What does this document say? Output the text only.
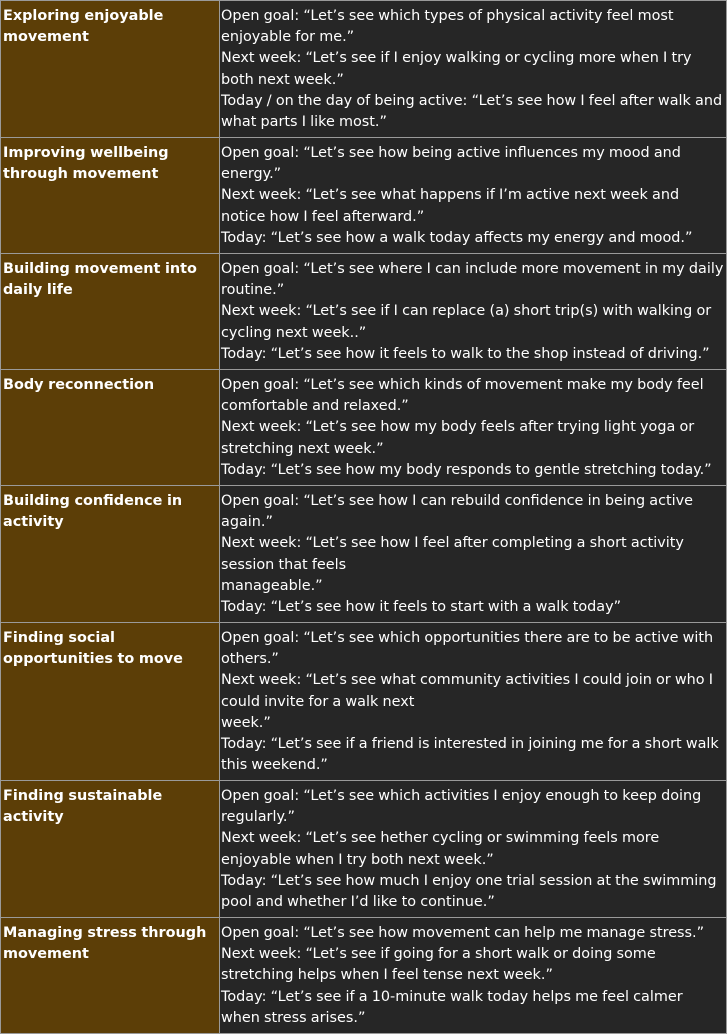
Exploring enjoyable movement	Open goal: “Let’s see which types of physical activity feel most enjoyable for me.”
Next week: “Let’s see if I enjoy walking or cycling more when I try both next week.”
Today / on the day of being active: “Let’s see how I feel after walk and what parts I like most.”

Improving wellbeing through movement	Open goal: “Let’s see how being active influences my mood and energy.”
Next week: “Let’s see what happens if I’m active next week and notice how I feel afterward.”
Today: “Let’s see how a walk today affects my energy and mood.”

Building movement into daily life	Open goal: “Let’s see where I can include more movement in my daily routine.”
Next week: “Let’s see if I can replace (a) short trip(s) with walking or cycling next week..”
Today: “Let’s see how it feels to walk to the shop instead of driving.”

Body reconnection	Open goal: “Let’s see which kinds of movement make my body feel comfortable and relaxed.”
Next week: “Let’s see how my body feels after trying light yoga or stretching next week.”
Today: “Let’s see how my body responds to gentle stretching today.”

Building confidence in activity	Open goal: “Let’s see how I can rebuild confidence in being active again.”
Next week: “Let’s see how I feel after completing a short activity session that feels
manageable.”
Today: “Let’s see how it feels to start with a walk today”

Finding social opportunities to move	Open goal: “Let’s see which opportunities there are to be active with others.”
Next week: “Let’s see what community activities I could join or who I could invite for a walk next
week.”
Today: “Let’s see if a friend is interested in joining me for a short walk this weekend.”

Finding sustainable activity	Open goal: “Let’s see which activities I enjoy enough to keep doing regularly.”
Next week: “Let’s see hether cycling or swimming feels more enjoyable when I try both next week.”
Today: “Let’s see how much I enjoy one trial session at the swimming pool and whether I’d like to continue.”

Managing stress through movement	Open goal: “Let’s see how movement can help me manage stress.”
Next week: “Let’s see if going for a short walk or doing some stretching helps when I feel tense next week.”
Today: “Let’s see if a 10-minute walk today helps me feel calmer when stress arises.”
